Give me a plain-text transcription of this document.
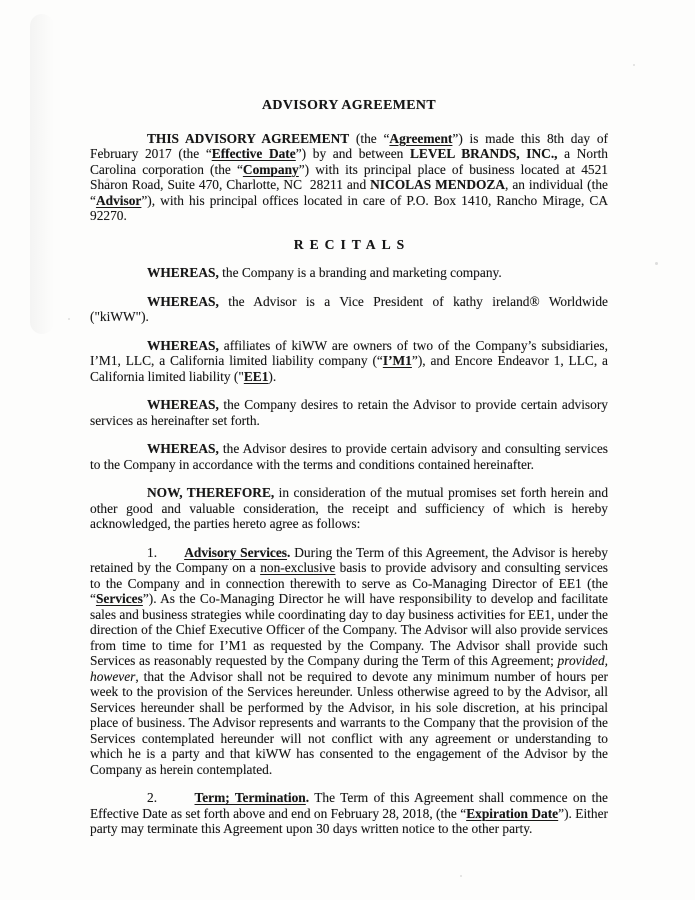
ADVISORY AGREEMENT

THIS ADVISORY AGREEMENT (the “Agreement”) is made this 8th day of February 2017 (the “Effective Date”) by and between LEVEL BRANDS, INC., a North Carolina corporation (the “Company”) with its principal place of business located at 4521 Sharon Road, Suite 470, Charlotte, NC  28211 and NICOLAS MENDOZA, an individual (the “Advisor”), with his principal offices located in care of P.O. Box 1410, Rancho Mirage, CA 92270.

RECITALS

WHEREAS, the Company is a branding and marketing company.

WHEREAS, the Advisor is a Vice President of kathy ireland® Worldwide ("kiWW").

WHEREAS, affiliates of kiWW are owners of two of the Company’s subsidiaries, I’M1, LLC, a California limited liability company (“I’M1”), and Encore Endeavor 1, LLC, a California limited liability ("EE1).

WHEREAS, the Company desires to retain the Advisor to provide certain advisory services as hereinafter set forth.

WHEREAS, the Advisor desires to provide certain advisory and consulting services to the Company in accordance with the terms and conditions contained hereinafter.

NOW, THEREFORE, in consideration of the mutual promises set forth herein and other good and valuable consideration, the receipt and sufficiency of which is hereby acknowledged, the parties hereto agree as follows:

1.       Advisory Services. During the Term of this Agreement, the Advisor is hereby retained by the Company on a non-exclusive basis to provide advisory and consulting services to the Company and in connection therewith to serve as Co-Managing Director of EE1 (the “Services”). As the Co-Managing Director he will have responsibility to develop and facilitate sales and business strategies while coordinating day to day business activities for EE1, under the direction of the Chief Executive Officer of the Company. The Advisor will also provide services from time to time for I’M1 as requested by the Company. The Advisor shall provide such Services as reasonably requested by the Company during the Term of this Agreement; provided, however, that the Advisor shall not be required to devote any minimum number of hours per week to the provision of the Services hereunder. Unless otherwise agreed to by the Advisor, all Services hereunder shall be performed by the Advisor, in his sole discretion, at his principal place of business. The Advisor represents and warrants to the Company that the provision of the Services contemplated hereunder will not conflict with any agreement or understanding to which he is a party and that kiWW has consented to the engagement of the Advisor by the Company as herein contemplated.

2.       Term; Termination. The Term of this Agreement shall commence on the Effective Date as set forth above and end on February 28, 2018, (the “Expiration Date”). Either party may terminate this Agreement upon 30 days written notice to the other party.
